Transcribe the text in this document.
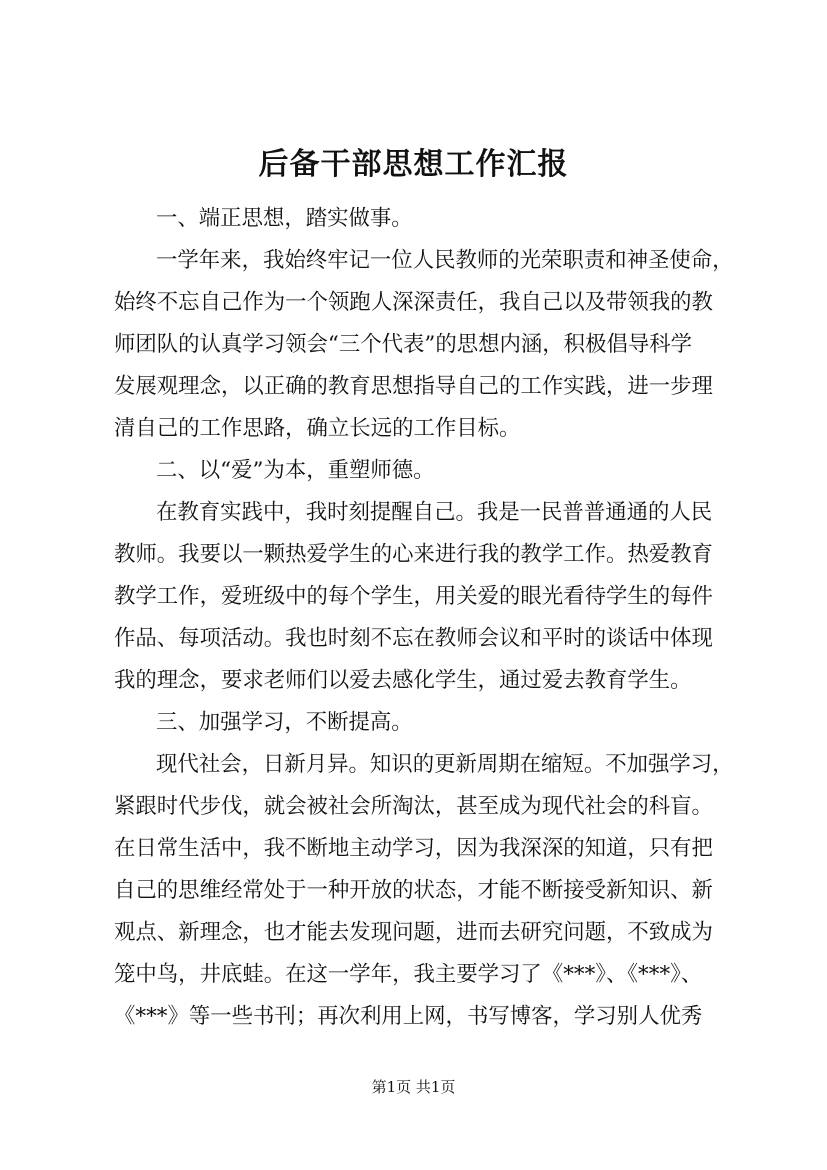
后备干部思想工作汇报

一、端正思想，踏实做事。

一学年来，我始终牢记一位人民教师的光荣职责和神圣使命，
始终不忘自己作为一个领跑人深深责任，我自己以及带领我的教
师团队的认真学习领会“三个代表”的思想内涵，积极倡导科学
发展观理念，以正确的教育思想指导自己的工作实践，进一步理
清自己的工作思路，确立长远的工作目标。

二、以“爱”为本，重塑师德。

在教育实践中，我时刻提醒自己。我是一民普普通通的人民
教师。我要以一颗热爱学生的心来进行我的教学工作。热爱教育
教学工作，爱班级中的每个学生，用关爱的眼光看待学生的每件
作品、每项活动。我也时刻不忘在教师会议和平时的谈话中体现
我的理念，要求老师们以爱去感化学生，通过爱去教育学生。

三、加强学习，不断提高。

现代社会，日新月异。知识的更新周期在缩短。不加强学习，
紧跟时代步伐，就会被社会所淘汰，甚至成为现代社会的科盲。
在日常生活中，我不断地主动学习，因为我深深的知道，只有把
自己的思维经常处于一种开放的状态，才能不断接受新知识、新
观点、新理念，也才能去发现问题，进而去研究问题，不致成为
笼中鸟，井底蛙。在这一学年，我主要学习了《***》、《***》、
《***》等一些书刊；再次利用上网，书写博客，学习别人优秀

第1页 共1页
